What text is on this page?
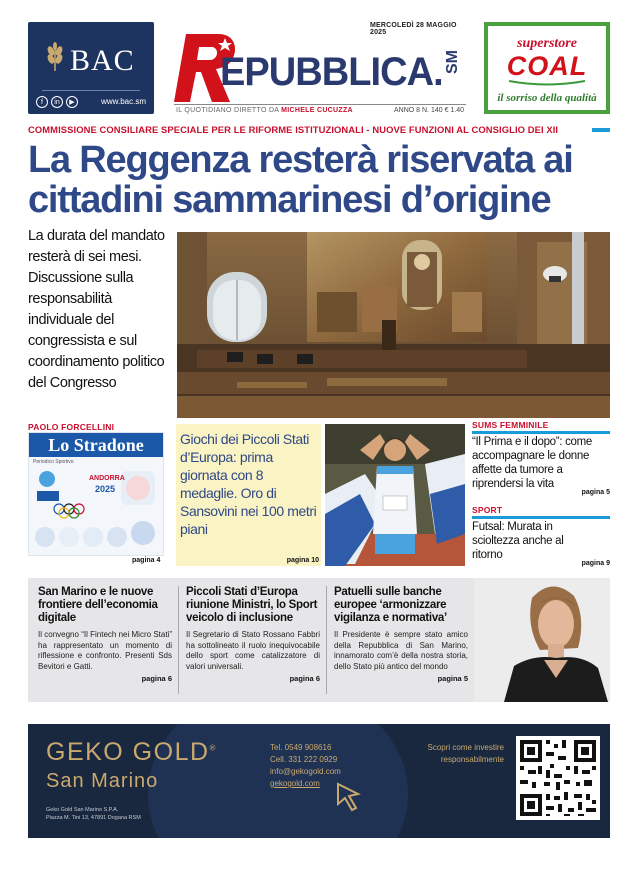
BAC
f	in	▶	www.bac.sm
MERCOLEDÌ 28 MAGGIO 2025
EPUBBLICA. SM
IL QUOTIDIANO DIRETTO DA MICHELE CUCUZZA	ANNO 8 N. 140 € 1.40
superstore
COAL
il sorriso della qualità
COMMISSIONE CONSILIARE SPECIALE PER LE RIFORME ISTITUZIONALI - NUOVE FUNZIONI AL CONSIGLIO DEI XII
La Reggenza resterà riservata ai cittadini sammarinesi d’origine
La durata del mandato resterà di sei mesi. Discussione sulla responsabilità individuale del congressista e sul coordinamento politico del Congresso
PAOLO FORCELLINI
Lo Stradone
Periodico Sportivo
ANDORRA
2025
pagina 4
Giochi dei Piccoli Stati d’Europa: prima giornata con 8 medaglie. Oro di Sansovini nei 100 metri piani
pagina 10
SUMS FEMMINILE
“Il Prima e il dopo”: come accompagnare le donne affette da tumore a riprendersi la vita
pagina 5
SPORT
Futsal: Murata in scioltezza anche al ritorno
pagina 9
San Marino e le nuove frontiere dell’economia digitale

Il convegno “Il Fintech nei Micro Stati” ha rappresentato un momento di riflessione e confronto. Presenti Sds Bevitori e Gatti.

pagina 6
Piccoli Stati d’Europa riunione Ministri, lo Sport veicolo di inclusione

Il Segretario di Stato Rossano Fabbri ha sottolineato il ruolo inequivocabile dello sport come catalizzatore di valori universali.

pagina 6
Patuelli sulle banche europee ‘armonizzare vigilanza e normativa’

Il Presidente è sempre stato amico della Repubblica di San Marino, innamorato com’è della nostra storia, dello Stato più antico del mondo

pagina 5
GEKO GOLD®
San Marino
Geko Gold San Marino S.P.A.
Piazza M. Tini 13, 47891 Dogana RSM
Tel. 0549 908616
Cell. 331 222 0929
info@gekogold.com
gekogold.com
Scopri come investire responsabilmente
